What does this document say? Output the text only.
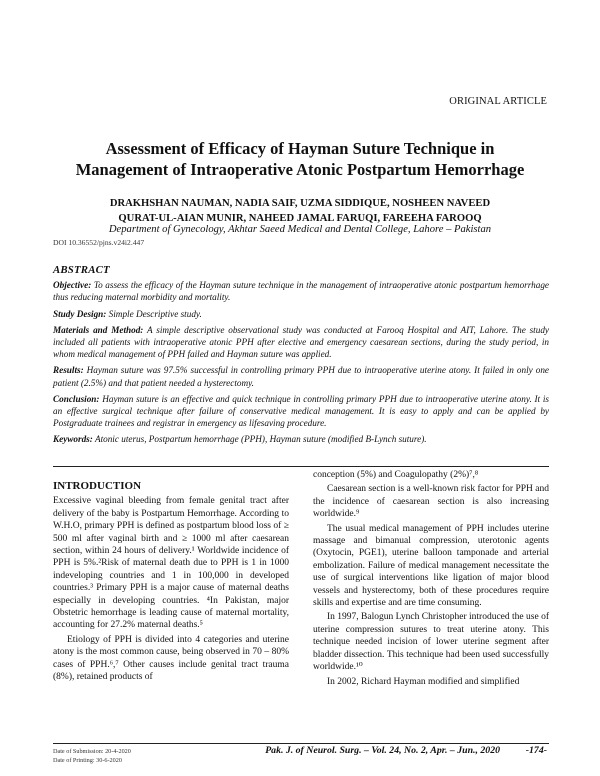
ORIGINAL ARTICLE
Assessment of Efficacy of Hayman Suture Technique in
Management of Intraoperative Atonic Postpartum Hemorrhage
DRAKHSHAN NAUMAN, NADIA SAIF, UZMA SIDDIQUE, NOSHEEN NAVEED
QURAT-UL-AIAN MUNIR, NAHEED JAMAL FARUQI, FAREEHA FAROOQ
Department of Gynecology, Akhtar Saeed Medical and Dental College, Lahore – Pakistan
DOI 10.36552/pjns.v24i2.447
ABSTRACT

Objective: To assess the efficacy of the Hayman suture technique in the management of intraoperative atonic postpartum hemorrhage thus reducing maternal morbidity and mortality.

Study Design: Simple Descriptive study.

Materials and Method: A simple descriptive observational study was conducted at Farooq Hospital and AIT, Lahore. The study included all patients with intraoperative atonic PPH after elective and emergency caesarean sections, during the study period, in whom medical management of PPH failed and Hayman suture was applied.

Results: Hayman suture was 97.5% successful in controlling primary PPH due to intraoperative uterine atony. It failed in only one patient (2.5%) and that patient needed a hysterectomy.

Conclusion: Hayman suture is an effective and quick technique in controlling primary PPH due to intraoperative uterine atony. It is an effective surgical technique after failure of conservative medical management. It is easy to apply and can be applied by Postgraduate trainees and registrar in emergency as lifesaving procedure.

Keywords: Atonic uterus, Postpartum hemorrhage (PPH), Hayman suture (modified B-Lynch suture).

INTRODUCTION

Excessive vaginal bleeding from female genital tract after delivery of the baby is Postpartum Hemorrhage. According to W.H.O, primary PPH is defined as postpartum blood loss of ≥ 500 ml after vaginal birth and ≥ 1000 ml after caesarean section, within 24 hours of delivery.¹ Worldwide incidence of PPH is 5%.²Risk of maternal death due to PPH is 1 in 1000 indeveloping countries and 1 in 100,000 in developed countries.³ Primary PPH is a major cause of maternal deaths especially in developing countries. ⁴In Pakistan, major Obstetric hemorrhage is leading cause of maternal mortality, accounting for 27.2% maternal deaths.⁵

Etiology of PPH is divided into 4 categories and uterine atony is the most common cause, being observed in 70 – 80% cases of PPH.⁶,⁷ Other causes include genital tract trauma (8%), retained products of

conception (5%) and Coagulopathy (2%)⁷,⁸

Caesarean section is a well-known risk factor for PPH and the incidence of caesarean section is also increasing worldwide.⁹

The usual medical management of PPH includes uterine massage and bimanual compression, uterotonic agents (Oxytocin, PGE1), uterine balloon tamponade and arterial embolization. Failure of medical management necessitate the use of surgical interventions like ligation of major blood vessels and hysterectomy, both of these procedures require skills and expertise and are time consuming.

In 1997, Balogun Lynch Christopher introduced the use of uterine compression sutures to treat uterine atony. This technique needed incision of lower uterine segment after bladder dissection. This technique had been used successfully worldwide.¹⁰

In 2002, Richard Hayman modified and simplified

Date of Submission: 20-4-2020
Date of Printing: 30-6-2020
Pak. J. of Neurol. Surg. – Vol. 24, No. 2, Apr. – Jun., 2020	-174-
